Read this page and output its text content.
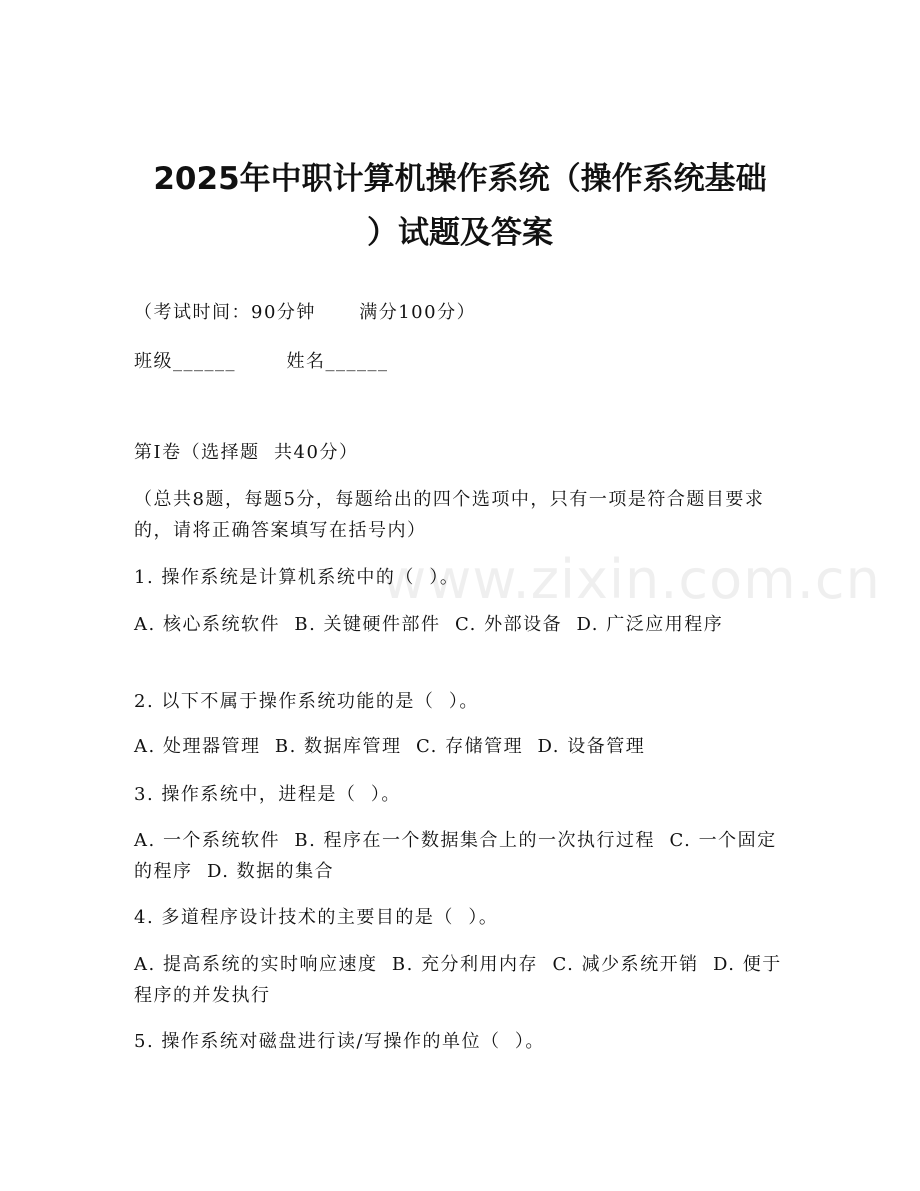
2025年中职计算机操作系统（操作系统基础
）试题及答案

（考试时间：90分钟      满分100分）

班级______       姓名______

第I卷（选择题  共40分）

（总共8题，每题5分，每题给出的四个选项中，只有一项是符合题目要求的，请将正确答案填写在括号内）

1. 操作系统是计算机系统中的（  ）。

A. 核心系统软件  B. 关键硬件部件  C. 外部设备  D. 广泛应用程序

2. 以下不属于操作系统功能的是（  ）。

A. 处理器管理  B. 数据库管理  C. 存储管理  D. 设备管理

3. 操作系统中，进程是（  ）。

A. 一个系统软件  B. 程序在一个数据集合上的一次执行过程  C. 一个固定的程序  D. 数据的集合

4. 多道程序设计技术的主要目的是（  ）。

A. 提高系统的实时响应速度  B. 充分利用内存  C. 减少系统开销  D. 便于程序的并发执行

5. 操作系统对磁盘进行读/写操作的单位（  ）。

www.zixin.com.cn
